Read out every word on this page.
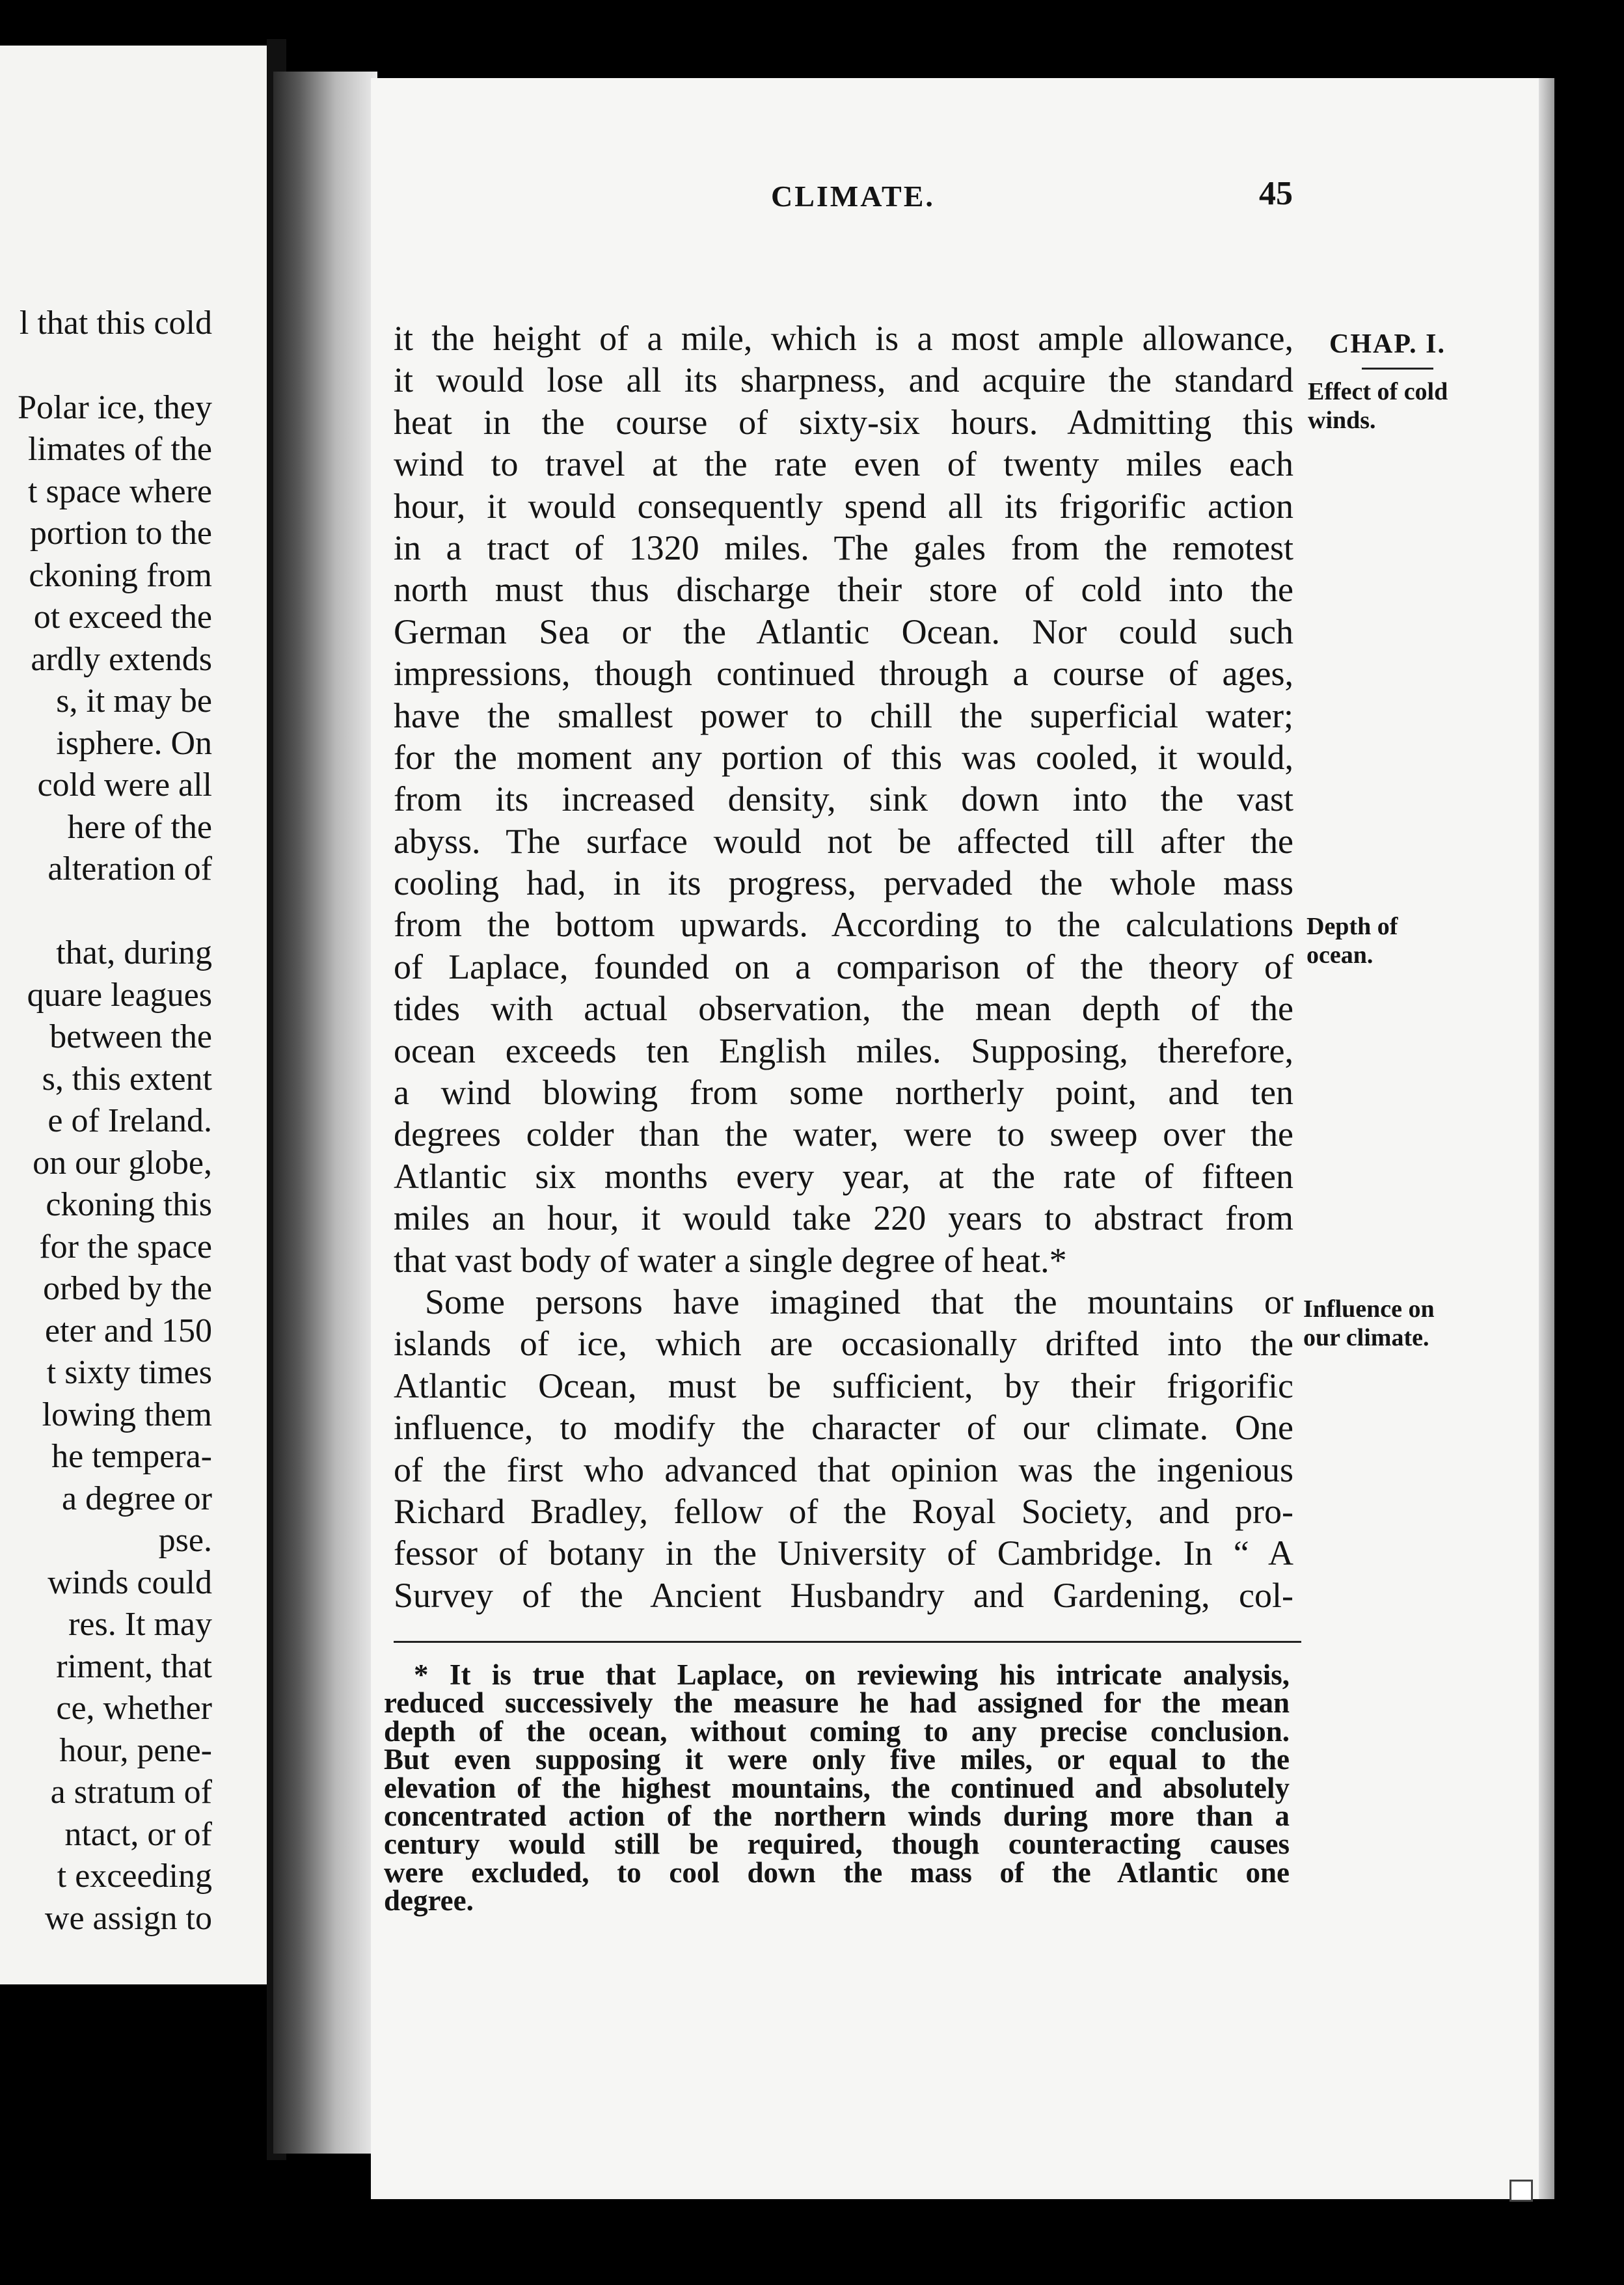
l that this cold
Polar ice, they
limates of the
t space where
portion to the
ckoning from
ot exceed the
ardly extends
s, it may be
isphere. On
cold were all
here of the
alteration of
that, during
quare leagues
between the
s, this extent
e of Ireland.
on our globe,
ckoning this
for the space
orbed by the
eter and 150
t sixty times
lowing them
he tempera-
a degree or
pse.
winds could
res. It may
riment, that
ce, whether
hour, pene-
a stratum of
ntact, or of
t exceeding
we assign to
CLIMATE.	45
CHAP. I.
Effect of cold
winds.
Depth of
ocean.
Influence on
our climate.
it the height of a mile, which is a most ample allowance,
it would lose all its sharpness, and acquire the standard
heat in the course of sixty-six hours. Admitting this
wind to travel at the rate even of twenty miles each
hour, it would consequently spend all its frigorific action
in a tract of 1320 miles. The gales from the remotest
north must thus discharge their store of cold into the
German Sea or the Atlantic Ocean. Nor could such
impressions, though continued through a course of ages,
have the smallest power to chill the superficial water;
for the moment any portion of this was cooled, it would,
from its increased density, sink down into the vast
abyss. The surface would not be affected till after the
cooling had, in its progress, pervaded the whole mass
from the bottom upwards. According to the calculations
of Laplace, founded on a comparison of the theory of
tides with actual observation, the mean depth of the
ocean exceeds ten English miles. Supposing, therefore,
a wind blowing from some northerly point, and ten
degrees colder than the water, were to sweep over the
Atlantic six months every year, at the rate of fifteen
miles an hour, it would take 220 years to abstract from
that vast body of water a single degree of heat.*
Some persons have imagined that the mountains or
islands of ice, which are occasionally drifted into the
Atlantic Ocean, must be sufficient, by their frigorific
influence, to modify the character of our climate. One
of the first who advanced that opinion was the ingenious
Richard Bradley, fellow of the Royal Society, and pro-
fessor of botany in the University of Cambridge. In “ A
Survey of the Ancient Husbandry and Gardening, col-
* It is true that Laplace, on reviewing his intricate analysis,
reduced successively the measure he had assigned for the mean
depth of the ocean, without coming to any precise conclusion.
But even supposing it were only five miles, or equal to the
elevation of the highest mountains, the continued and absolutely
concentrated action of the northern winds during more than a
century would still be required, though counteracting causes
were excluded, to cool down the mass of the Atlantic one
degree.
